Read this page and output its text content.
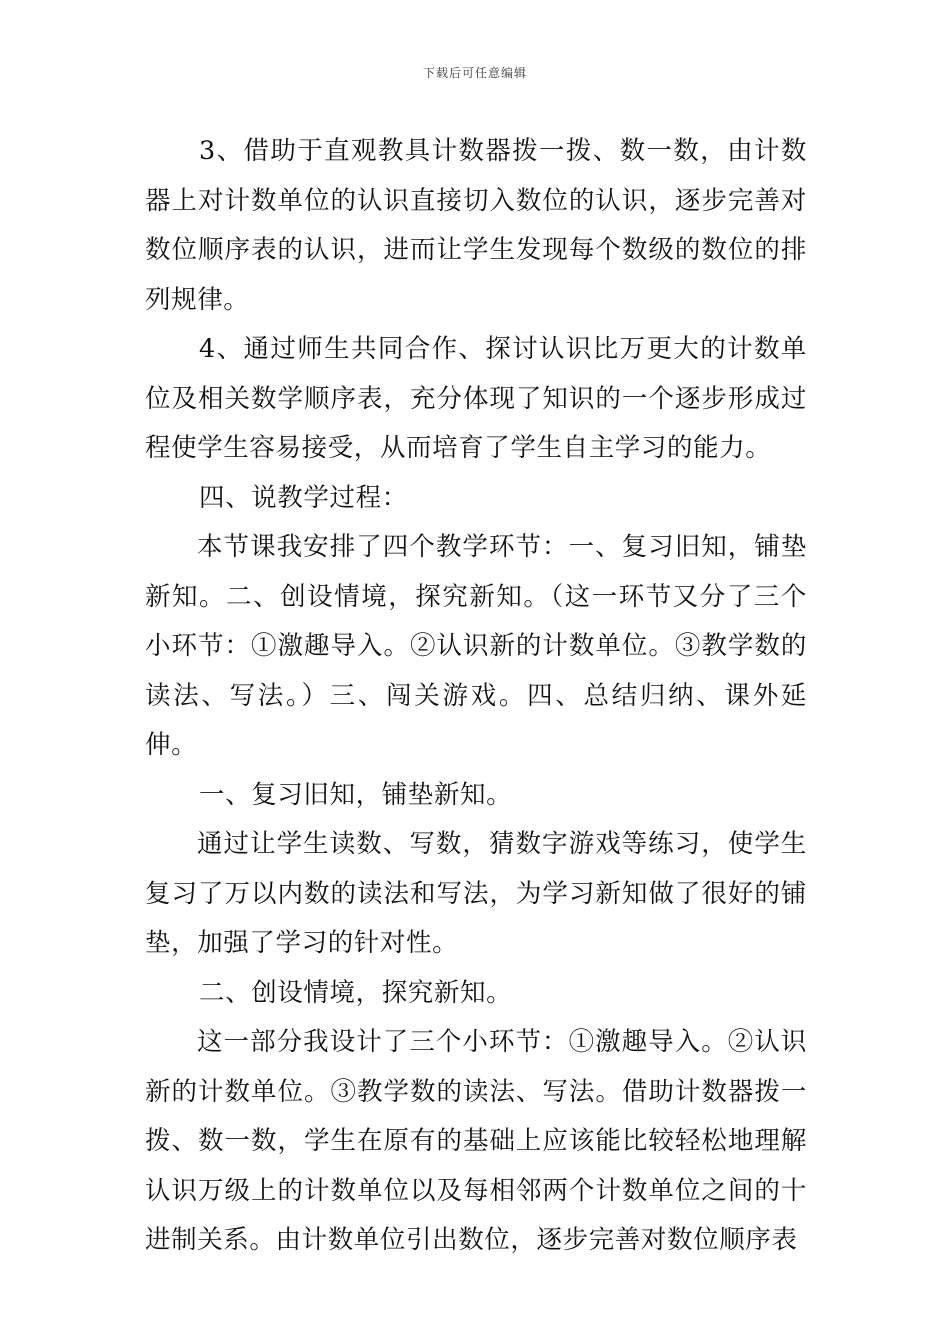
下载后可任意编辑

3、借助于直观教具计数器拨一拨、数一数，由计数器上对计数单位的认识直接切入数位的认识，逐步完善对数位顺序表的认识，进而让学生发现每个数级的数位的排列规律。

4、通过师生共同合作、探讨认识比万更大的计数单位及相关数学顺序表，充分体现了知识的一个逐步形成过程使学生容易接受，从而培育了学生自主学习的能力。

四、说教学过程：

本节课我安排了四个教学环节：一、复习旧知，铺垫新知。二、创设情境，探究新知。（这一环节又分了三个小环节：①激趣导入。②认识新的计数单位。③教学数的读法、写法。）三、闯关游戏。四、总结归纳、课外延伸。

一、复习旧知，铺垫新知。

通过让学生读数、写数，猜数字游戏等练习，使学生复习了万以内数的读法和写法，为学习新知做了很好的铺垫，加强了学习的针对性。

二、创设情境，探究新知。

这一部分我设计了三个小环节：①激趣导入。②认识新的计数单位。③教学数的读法、写法。借助计数器拨一拨、数一数，学生在原有的基础上应该能比较轻松地理解认识万级上的计数单位以及每相邻两个计数单位之间的十进制关系。由计数单位引出数位，逐步完善对数位顺序表
